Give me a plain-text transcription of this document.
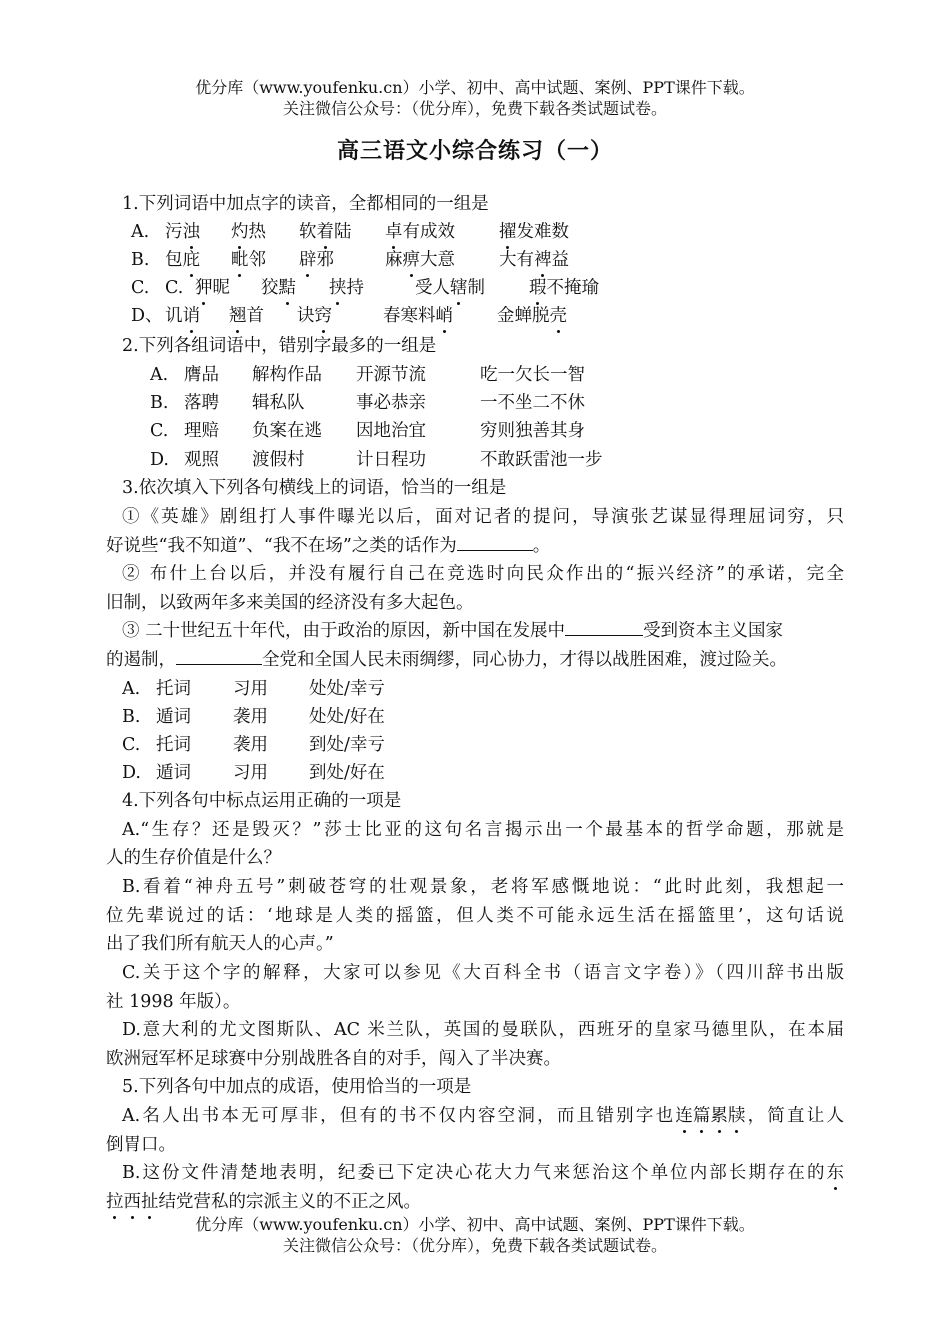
优分库（www.youfenku.cn）小学、初中、高中试题、案例、PPT课件下载。
关注微信公众号：（优分库），免费下载各类试题试卷。
高三语文小综合练习（一）
1.下列词语中加点字的读音，全都相同的一组是
A. 污浊 灼热 软着陆 卓有成效	擢发难数
B. 包庇 毗邻 辟邪	麻痹大意	大有裨益
C. C. 狎昵 狡黠 挟持	受人辖制	瑕不掩瑜
D、 讥诮 翘首 诀窍	春寒料峭	金蝉脱壳
2.下列各组词语中，错别字最多的一组是
A. 膺品 解构作品 开源节流	吃一欠长一智
B. 落聘 辑私队	事必恭亲	一不坐二不休
C. 理赔 负案在逃 因地治宜	穷则独善其身
D. 观照 渡假村	计日程功	不敢跃雷池一步
3.依次填入下列各句横线上的词语，恰当的一组是
①《英雄》剧组打人事件曝光以后，面对记者的提问，导演张艺谋显得理屈词穷，只
好说些“我不知道”、“我不在场”之类的话作为	。
② 布什上台以后，并没有履行自己在竞选时向民众作出的“振兴经济”的承诺，完全
旧制，以致两年多来美国的经济没有多大起色。
③ 二十世纪五十年代，由于政治的原因，新中国在发展中	受到资本主义国家
的遏制，	全党和全国人民未雨绸缪，同心协力，才得以战胜困难，渡过险关。
A. 托词 习用 处处/幸亏
B. 遁词 袭用 处处/好在
C. 托词 袭用 到处/幸亏
D. 遁词 习用 到处/好在
4.下列各句中标点运用正确的一项是
A.“生存？还是毁灭？”莎士比亚的这句名言揭示出一个最基本的哲学命题，那就是
人的生存价值是什么？
B.看着“神舟五号”刺破苍穹的壮观景象，老将军感慨地说：“此时此刻，我想起一
位先辈说过的话：‘地球是人类的摇篮，但人类不可能永远生活在摇篮里’，这句话说
出了我们所有航天人的心声。”
C.关于这个字的解释，大家可以参见《大百科全书（语言文字卷）》（四川辞书出版
社 1998 年版）。
D.意大利的尤文图斯队、AC 米兰队，英国的曼联队，西班牙的皇家马德里队，在本届
欧洲冠军杯足球赛中分别战胜各自的对手，闯入了半决赛。
5.下列各句中加点的成语，使用恰当的一项是
A.名人出书本无可厚非，但有的书不仅内容空洞，而且错别字也连篇累牍，简直让人
倒胃口。
B.这份文件清楚地表明，纪委已下定决心花大力气来惩治这个单位内部长期存在的东
拉西扯结党营私的宗派主义的不正之风。
优分库（www.youfenku.cn）小学、初中、高中试题、案例、PPT课件下载。
关注微信公众号：（优分库），免费下载各类试题试卷。
